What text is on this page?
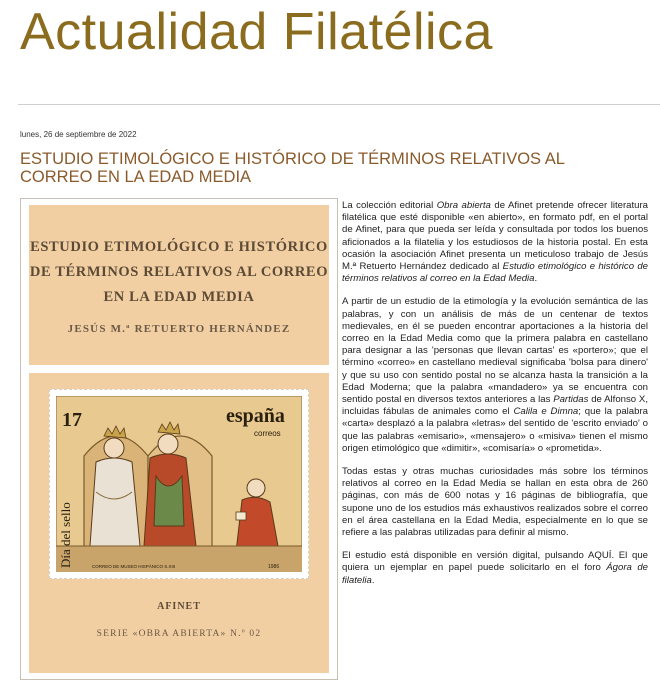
Actualidad Filatélica
lunes, 26 de septiembre de 2022
ESTUDIO ETIMOLÓGICO E HISTÓRICO DE TÉRMINOS RELATIVOS AL CORREO EN LA EDAD MEDIA
ESTUDIO ETIMOLÓGICO E HISTÓRICO
DE TÉRMINOS RELATIVOS AL CORREO
EN LA EDAD MEDIA
JESÚS M.ª RETUERTO HERNÁNDEZ
17	españa
correos
Día del sello	CORREO DE MUSEO HISPÁNICO S.XIII	1986
AFINET
SERIE «OBRA ABIERTA» N.º 02

La colección editorial Obra abierta de Afinet pretende ofrecer literatura filatélica que esté disponible «en abierto», en formato pdf, en el portal de Afinet, para que pueda ser leída y consultada por todos los buenos aficionados a la filatelia y los estudiosos de la historia postal. En esta ocasión la asociación Afinet presenta un meticuloso trabajo de Jesús M.ª Retuerto Hernández dedicado al Estudio etimológico e histórico de términos relativos al correo en la Edad Media.

A partir de un estudio de la etimología y la evolución semántica de las palabras, y con un análisis de más de un centenar de textos medievales, en él se pueden encontrar aportaciones a la historia del correo en la Edad Media como que la primera palabra en castellano para designar a las 'personas que llevan cartas' es «portero»; que el término «correo» en castellano medieval significaba 'bolsa para dinero' y que su uso con sentido postal no se alcanza hasta la transición a la Edad Moderna; que la palabra «mandadero» ya se encuentra con sentido postal en diversos textos anteriores a las Partidas de Alfonso X, incluidas fábulas de animales como el Calila e Dimna; que la palabra «carta» desplazó a la palabra «letras» del sentido de 'escrito enviado' o que las palabras «emisario», «mensajero» o «misiva» tienen el mismo origen etimológico que «dimitir», «comisaría» o «prometida».

Todas estas y otras muchas curiosidades más sobre los términos relativos al correo en la Edad Media se hallan en esta obra de 260 páginas, con más de 600 notas y 16 páginas de bibliografía, que supone uno de los estudios más exhaustivos realizados sobre el correo en el área castellana en la Edad Media, especialmente en lo que se refiere a las palabras utilizadas para definir al mismo.

El estudio está disponible en versión digital, pulsando AQUÍ. El que quiera un ejemplar en papel puede solicitarlo en el foro Ágora de filatelia.
